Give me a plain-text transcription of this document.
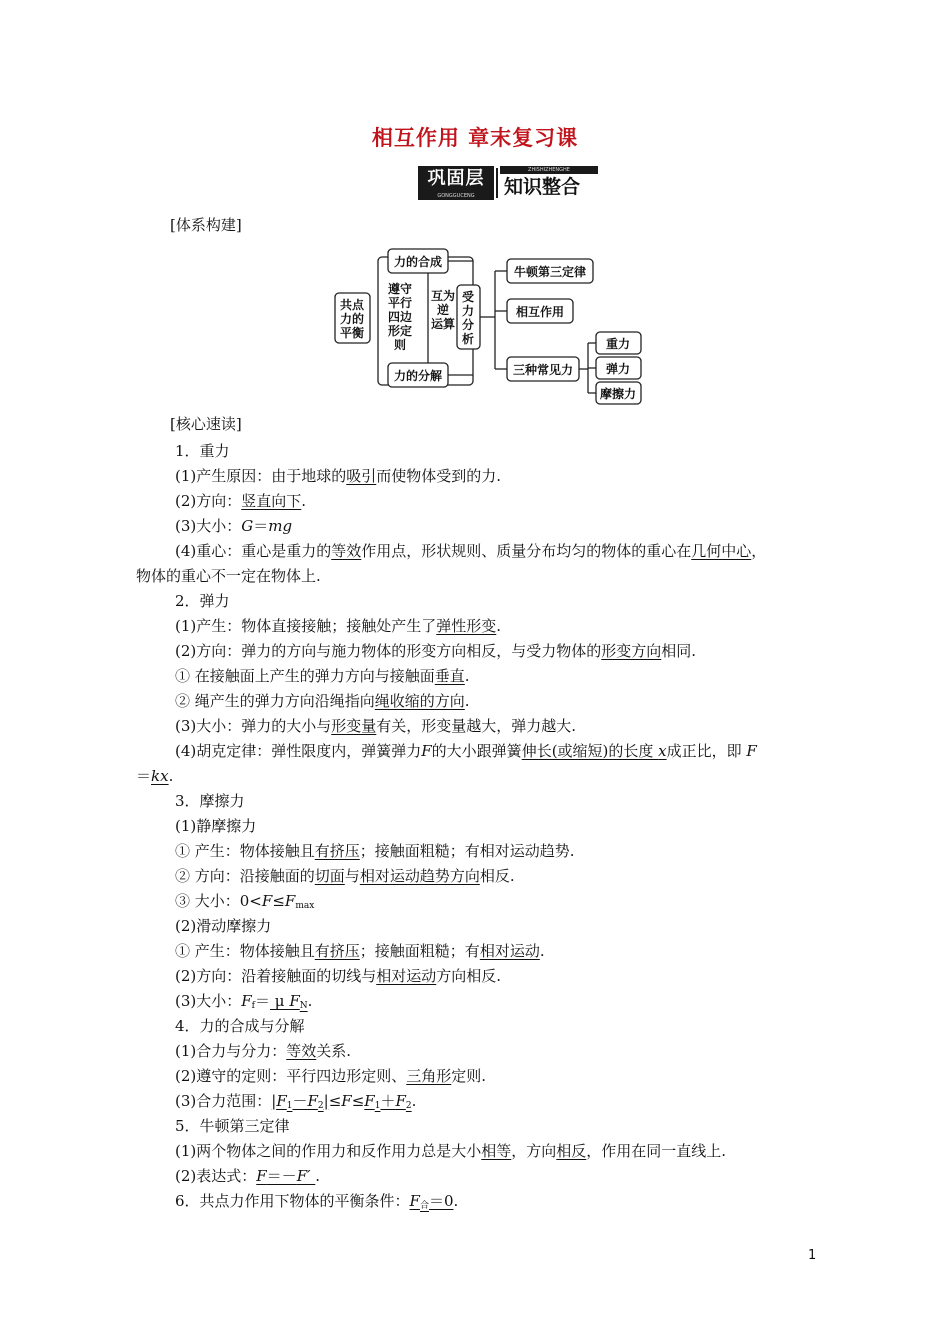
相互作用 章末复习课
巩固层
GONGGUCENG
ZHISHIZHENGHE
知识整合
[体系构建]
共点
力的
平衡
力的合成
力的分解
遵守
平行
四边
形定
则
互为
逆
运算
受
力
分
析
牛顿第三定律
相互作用
三种常见力
重力
弹力
摩擦力
[核心速读]
1．重力
(1)产生原因：由于地球的吸引而使物体受到的力.
(2)方向：竖直向下.
(3)大小：G＝mg
(4)重心：重心是重力的等效作用点，形状规则、质量分布均匀的物体的重心在几何中心，
物体的重心不一定在物体上.
2．弹力
(1)产生：物体直接接触；接触处产生了弹性形变.
(2)方向：弹力的方向与施力物体的形变方向相反，与受力物体的形变方向相同.
① 在接触面上产生的弹力方向与接触面垂直.
② 绳产生的弹力方向沿绳指向绳收缩的方向.
(3)大小：弹力的大小与形变量有关，形变量越大，弹力越大.
(4)胡克定律：弹性限度内，弹簧弹力F的大小跟弹簧伸长(或缩短)的长度 x成正比，即 F
＝kx.
3．摩擦力
(1)静摩擦力
① 产生：物体接触且有挤压；接触面粗糙；有相对运动趋势.
② 方向：沿接触面的切面与相对运动趋势方向相反.
③ 大小：$0<F\le F_{max}$
(2)滑动摩擦力
① 产生：物体接触且有挤压；接触面粗糙；有相对运动.
(2)方向：沿着接触面的切线与相对运动方向相反.
(3)大小：$F_f= \mu$ $F_N$.
4．力的合成与分解
(1)合力与分力：等效关系.
(2)遵守的定则：平行四边形定则、三角形定则.
(3)合力范围：$|F_1-F_2|\le F\le F_1+F_2$.
5．牛顿第三定律
(1)两个物体之间的作用力和反作用力总是大小相等，方向相反，作用在同一直线上.
(2)表达式：F＝－F′ .
6．共点力作用下物体的平衡条件：$F_合=0$.
1
